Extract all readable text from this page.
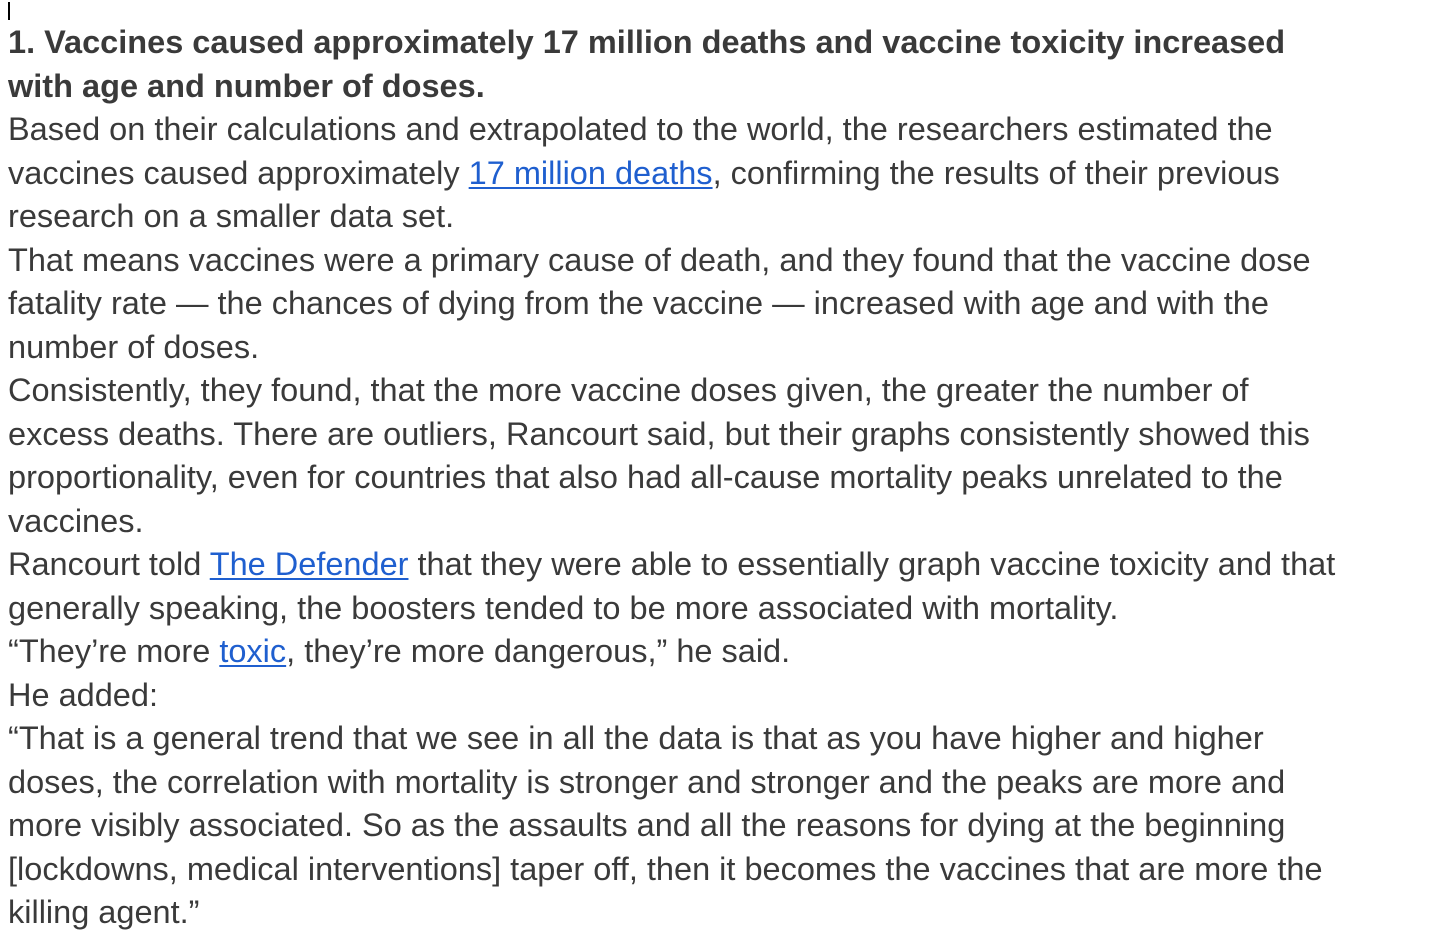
1. Vaccines caused approximately 17 million deaths and vaccine toxicity increased
with age and number of doses.
Based on their calculations and extrapolated to the world, the researchers estimated the
vaccines caused approximately 17 million deaths, confirming the results of their previous
research on a smaller data set.
That means vaccines were a primary cause of death, and they found that the vaccine dose
fatality rate — the chances of dying from the vaccine — increased with age and with the
number of doses.
Consistently, they found, that the more vaccine doses given, the greater the number of
excess deaths. There are outliers, Rancourt said, but their graphs consistently showed this
proportionality, even for countries that also had all-cause mortality peaks unrelated to the
vaccines.
Rancourt told The Defender that they were able to essentially graph vaccine toxicity and that
generally speaking, the boosters tended to be more associated with mortality.
“They’re more toxic, they’re more dangerous,” he said.
He added:
“That is a general trend that we see in all the data is that as you have higher and higher
doses, the correlation with mortality is stronger and stronger and the peaks are more and
more visibly associated. So as the assaults and all the reasons for dying at the beginning
[lockdowns, medical interventions] taper off, then it becomes the vaccines that are more the
killing agent.”
